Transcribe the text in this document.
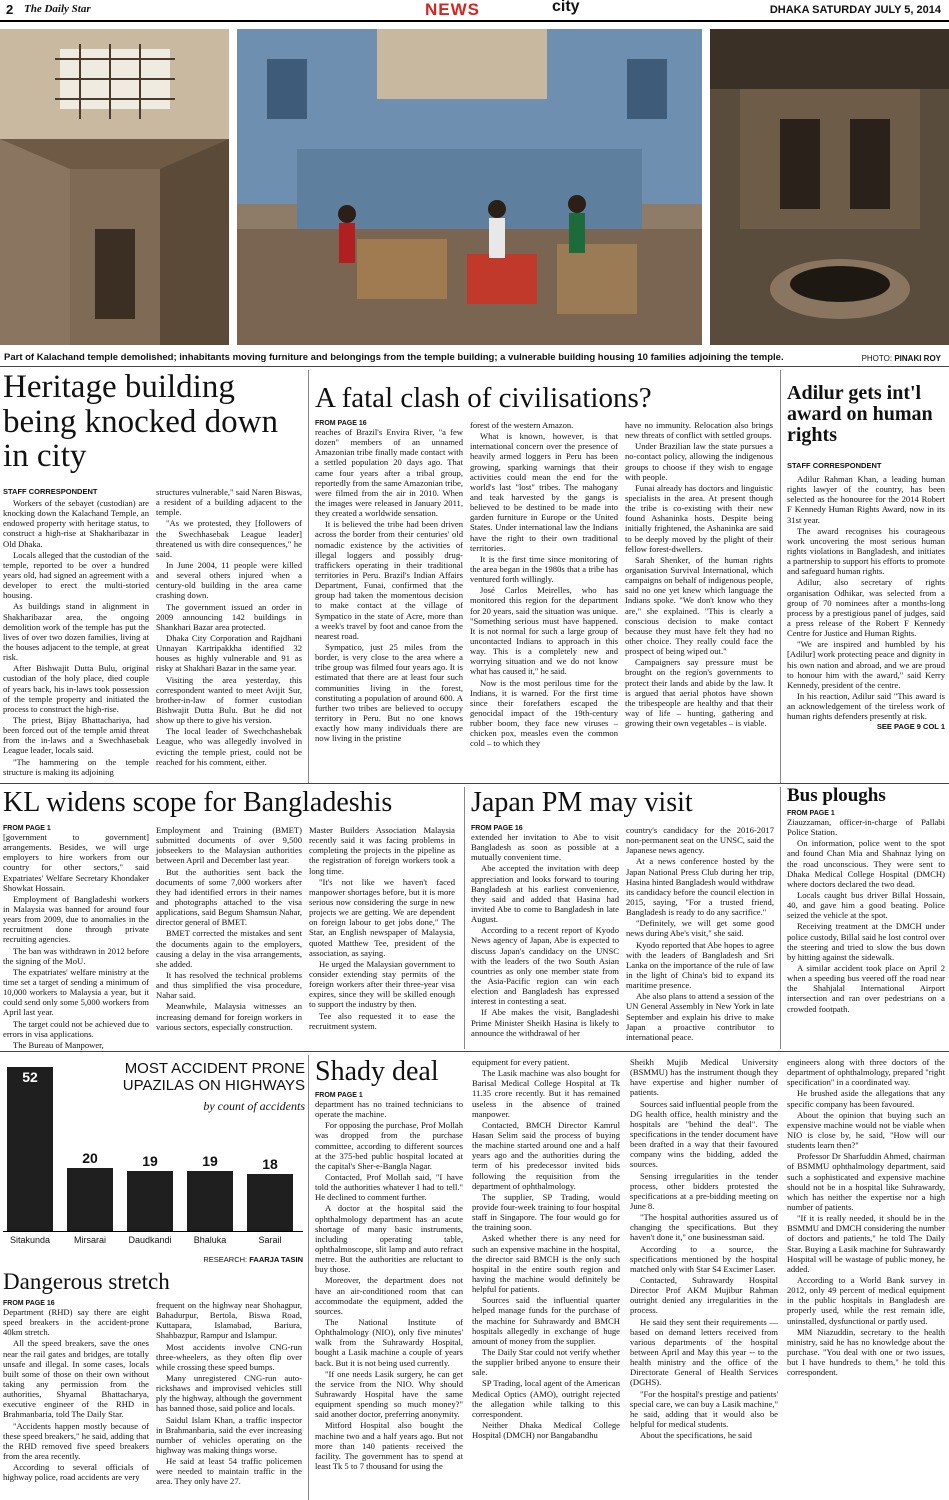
2 The Daily Star	NEWS	city	DHAKA SATURDAY JULY 5, 2014
Part of Kalachand temple demolished; inhabitants moving furniture and belongings from the temple building; a vulnerable building housing 10 families adjoining the temple.	PHOTO: PINAKI ROY
Heritage building being knocked down in city
STAFF CORRESPONDENT

Workers of the sebayet (custodian) are knocking down the Kalachand Temple, an endowed property with heritage status, to construct a high-rise at Shakharibazar in Old Dhaka.

Locals alleged that the custodian of the temple, reported to be over a hundred years old, had signed an agreement with a developer to erect the multi-storied housing.

As buildings stand in alignment in Shakharibazar area, the ongoing demolition work of the temple has put the lives of over two dozen families, living at the houses adjacent to the temple, at great risk.

After Bishwajit Dutta Bulu, original custodian of the holy place, died couple of years back, his in-laws took possession of the temple property and initiated the process to construct the high-rise.

The priest, Bijay Bhattachariya, had been forced out of the temple amid threat from the in-laws and a Swechhasebak League leader, locals said.

"The hammering on the temple structure is making its adjoining

structures vulnerable," said Naren Biswas, a resident of a building adjacent to the temple.

"As we protested, they [followers of the Swechhasebak League leader] threatened us with dire consequences," he said.

In June 2004, 11 people were killed and several others injured when a century-old building in the area came crashing down.

The government issued an order in 2009 announcing 142 buildings in Shankhari Bazar area protected.

Dhaka City Corporation and Rajdhani Unnayan Kartripakkha identified 32 houses as highly vulnerable and 91 as risky at Shakhari Bazar in the same year.

Visiting the area yesterday, this correspondent wanted to meet Avijit Sur, brother-in-law of former custodian Bishwajit Dutta Bulu. But he did not show up there to give his version.

The local leader of Swechchashebak League, who was allegedly involved in evicting the temple priest, could not be reached for his comment, either.

A fatal clash of civilisations?
FROM PAGE 16

reaches of Brazil's Envira River, "a few dozen" members of an unnamed Amazonian tribe finally made contact with a settled population 20 days ago. That came four years after a tribal group, reportedly from the same Amazonian tribe, were filmed from the air in 2010. When the images were released in January 2011, they created a worldwide sensation.

It is believed the tribe had been driven across the border from their centuries' old nomadic existence by the activities of illegal loggers and possibly drug-traffickers operating in their traditional territories in Peru. Brazil's Indian Affairs Department, Funai, confirmed that the group had taken the momentous decision to make contact at the village of Sympatico in the state of Acre, more than a week's travel by foot and canoe from the nearest road.

Sympatico, just 25 miles from the border, is very close to the area where a tribe group was filmed four years ago. It is estimated that there are at least four such communities living in the forest, constituting a population of around 600. A further two tribes are believed to occupy territory in Peru. But no one knows exactly how many individuals there are now living in the pristine

forest of the western Amazon.

What is known, however, is that international concern over the presence of heavily armed loggers in Peru has been growing, sparking warnings that their activities could mean the end for the world's last "lost" tribes. The mahogany and teak harvested by the gangs is believed to be destined to be made into garden furniture in Europe or the United States. Under international law the Indians have the right to their own traditional territories.

It is the first time since monitoring of the area began in the 1980s that a tribe has ventured forth willingly.

José Carlos Meirelles, who has monitored this region for the department for 20 years, said the situation was unique. "Something serious must have happened. It is not normal for such a large group of uncontacted Indians to approach in this way. This is a completely new and worrying situation and we do not know what has caused it," he said.

Now is the most perilous time for the Indians, it is warned. For the first time since their forefathers escaped the genocidal impact of the 19th-century rubber boom, they face new viruses – chicken pox, measles even the common cold – to which they

have no immunity. Relocation also brings new threats of conflict with settled groups.

Under Brazilian law the state pursues a no-contact policy, allowing the indigenous groups to choose if they wish to engage with people.

Funai already has doctors and linguistic specialists in the area. At present though the tribe is co-existing with their new found Ashaninka hosts. Despite being initially frightened, the Ashaninka are said to be deeply moved by the plight of their fellow forest-dwellers.

Sarah Shenker, of the human rights organisation Survival International, which campaigns on behalf of indigenous people, said no one yet knew which language the Indians spoke. "We don't know who they are," she explained. "This is clearly a conscious decision to make contact because they must have felt they had no other choice. They really could face the prospect of being wiped out."

Campaigners say pressure must be brought on the region's governments to protect their lands and abide by the law. It is argued that aerial photos have shown the tribespeople are healthy and that their way of life – hunting, gathering and growing their own vegetables – is viable.

Adilur gets int'l award on human rights
STAFF CORRESPONDENT

Adilur Rahman Khan, a leading human rights lawyer of the country, has been selected as the honouree for the 2014 Robert F Kennedy Human Rights Award, now in its 31st year.

The award recognises his courageous work uncovering the most serious human rights violations in Bangladesh, and initiates a partnership to support his efforts to promote and safeguard human rights.

Adilur, also secretary of rights organisation Odhikar, was selected from a group of 70 nominees after a months-long process by a prestigious panel of judges, said a press release of the Robert F Kennedy Centre for Justice and Human Rights.

"We are inspired and humbled by his [Adilur] work protecting peace and dignity in his own nation and abroad, and we are proud to honour him with the award," said Kerry Kennedy, president of the centre.

In his reaction, Adilur said "This award is an acknowledgement of the tireless work of human rights defenders presently at risk.

SEE PAGE 9 COL 1
KL widens scope for Bangladeshis
FROM PAGE 1

[government to government] arrangements. Besides, we will urge employers to hire workers from our country for other sectors," said Expatriates' Welfare Secretary Khondaker Showkat Hossain.

Employment of Bangladeshi workers in Malaysia was banned for around four years from 2009, due to anomalies in the recruitment done through private recruiting agencies.

The ban was withdrawn in 2012 before the signing of the MoU.

The expatriates' welfare ministry at the time set a target of sending a minimum of 10,000 workers to Malaysia a year, but it could send only some 5,000 workers from April last year.

The target could not be achieved due to errors in visa applications.

The Bureau of Manpower,

Employment and Training (BMET) submitted documents of over 9,500 jobseekers to the Malaysian authorities between April and December last year.

But the authorities sent back the documents of some 7,000 workers after they had identified errors in their names and photographs attached to the visa applications, said Begum Shamsun Nahar, director general of BMET.

BMET corrected the mistakes and sent the documents again to the employers, causing a delay in the visa arrangements, she added.

It has resolved the technical problems and thus simplified the visa procedure, Nahar said.

Meanwhile, Malaysia witnesses an increasing demand for foreign workers in various sectors, especially construction.

Master Builders Association Malaysia recently said it was facing problems in completing the projects in the pipeline as the registration of foreign workers took a long time.

"It's not like we haven't faced manpower shortages before, but it is more serious now considering the surge in new projects we are getting. We are dependent on foreign labour to get jobs done," The Star, an English newspaper of Malaysia, quoted Matthew Tee, president of the association, as saying.

He urged the Malaysian government to consider extending stay permits of the foreign workers after their three-year visa expires, since they will be skilled enough to support the industry by then.

Tee also requested it to ease the recruitment system.

Japan PM may visit
FROM PAGE 16

extended her invitation to Abe to visit Bangladesh as soon as possible at a mutually convenient time.

Abe accepted the invitation with deep appreciation and looks forward to touring Bangladesh at his earliest convenience, they said and added that Hasina had invited Abe to come to Bangladesh in late August.

According to a recent report of Kyodo News agency of Japan, Abe is expected to discuss Japan's candidacy on the UNSC with the leaders of the two South Asian countries as only one member state from the Asia-Pacific region can win each election and Bangladesh has expressed interest in contesting a seat.

If Abe makes the visit, Bangladeshi Prime Minister Sheikh Hasina is likely to announce the withdrawal of her

country's candidacy for the 2016-2017 non-permanent seat on the UNSC, said the Japanese news agency.

At a news conference hosted by the Japan National Press Club during her trip, Hasina hinted Bangladesh would withdraw its candidacy before the council election in 2015, saying, "For a trusted friend, Bangladesh is ready to do any sacrifice."

"Definitely, we will get some good news during Abe's visit," she said.

Kyodo reported that Abe hopes to agree with the leaders of Bangladesh and Sri Lanka on the importance of the rule of law in the light of China's bid to expand its maritime presence.

Abe also plans to attend a session of the UN General Assembly in New York in late September and explain his drive to make Japan a proactive contributor to international peace.

Bus ploughs
FROM PAGE 1

Ziauzzaman, officer-in-charge of Pallabi Police Station.

On information, police went to the spot and found Chan Mia and Shahnaz lying on the road unconscious. They were sent to Dhaka Medical College Hospital (DMCH) where doctors declared the two dead.

Locals caught bus driver Billal Hossain, 40, and gave him a good beating. Police seized the vehicle at the spot.

Receiving treatment at the DMCH under police custody, Billal said he lost control over the steering and tried to slow the bus down by hitting against the sidewalk.

A similar accident took place on April 2 when a speeding bus veered off the road near the Shahjalal International Airport intersection and ran over pedestrians on a crowded footpath.

MOST ACCIDENT PRONE UPAZILAS ON HIGHWAYS
by count of accidents
52
Sitakunda
20
Mirsarai
19
Daudkandi
19
Bhaluka
18
Sarail
RESEARCH: FAARJA TASIN
Dangerous stretch
FROM PAGE 16

Department (RHD) say there are eight speed breakers in the accident-prone 40km stretch.

All the speed breakers, save the ones near the rail gates and bridges, are totally unsafe and illegal. In some cases, locals built some of those on their own without taking any permission from the authorities, Shyamal Bhattacharya, executive engineer of the RHD in Brahmanbaria, told The Daily Star.

"Accidents happen mostly because of these speed breakers," he said, adding that the RHD removed five speed breakers from the area recently.

According to several officials of highway police, road accidents are very

frequent on the highway near Shohagpur, Bahadurpur, Bertola, Biswa Road, Kuttapara, Islamabad, Bariura, Shahbazpur, Rampur and Islampur.

Most accidents involve CNG-run three-wheelers, as they often flip over while crossing these speed bumps.

Many unregistered CNG-run auto-rickshaws and improvised vehicles still ply the highway, although the government has banned those, said police and locals.

Saidul Islam Khan, a traffic inspector in Brahmanbaria, said the ever increasing number of vehicles operating on the highway was making things worse.

He said at least 54 traffic policemen were needed to maintain traffic in the area. They only have 27.

Shady deal
FROM PAGE 1

department has no trained technicians to operate the machine.

For opposing the purchase, Prof Mollah was dropped from the purchase committee, according to different sources at the 375-bed public hospital located at the capital's Sher-e-Bangla Nagar.

Contacted, Prof Mollah said, "I have told the authorities whatever I had to tell." He declined to comment further.

A doctor at the hospital said the ophthalmology department has an acute shortage of many basic instruments, including operating table, ophthalmoscope, slit lamp and auto refract metre. But the authorities are reluctant to buy those.

Moreover, the department does not have an air-conditioned room that can accommodate the equipment, added the sources.

The National Institute of Ophthalmology (NIO), only five minutes' walk from the Suhrawardy Hospital, bought a Lasik machine a couple of years back. But it is not being used currently.

"If one needs Lasik surgery, he can get the service from the NIO. Why should Suhrawardy Hospital have the same equipment spending so much money?" said another doctor, preferring anonymity.

Mitford Hospital also bought the machine two and a half years ago. But not more than 140 patients received the facility. The government has to spend at least Tk 5 to 7 thousand for using the

equipment for every patient.

The Lasik machine was also bought for Barisal Medical College Hospital at Tk 11.35 crore recently. But it has remained useless in the absence of trained manpower.

Contacted, BMCH Director Kamrul Hasan Selim said the process of buying the machine started around one and a half years ago and the authorities during the term of his predecessor invited bids following the requisition from the department of ophthalmology.

The supplier, SP Trading, would provide four-week training to four hospital staff in Singapore. The four would go for the training soon.

Asked whether there is any need for such an expensive machine in the hospital, the director said BMCH is the only such hospital in the entire south region and having the machine would definitely be helpful for patients.

Sources said the influential quarter helped manage funds for the purchase of the machine for Suhrawardy and BMCH hospitals allegedly in exchange of huge amount of money from the supplier.

The Daily Star could not verify whether the supplier bribed anyone to ensure their sale.

SP Trading, local agent of the American Medical Optics (AMO), outright rejected the allegation while talking to this correspondent.

Neither Dhaka Medical College Hospital (DMCH) nor Bangabandhu

Sheikh Mujib Medical University (BSMMU) has the instrument though they have expertise and higher number of patients.

Sources said influential people from the DG health office, health ministry and the hospitals are "behind the deal". The specifications in the tender document have been drafted in a way that their favoured company wins the bidding, added the sources.

Sensing irregularities in the tender process, other bidders protested the specifications at a pre-bidding meeting on June 8.

"The hospital authorities assured us of changing the specifications. But they haven't done it," one businessman said.

According to a source, the specifications mentioned by the hospital matched only with Star S4 Excimer Laser.

Contacted, Suhrawardy Hospital Director Prof AKM Mujibur Rahman outright denied any irregularities in the process.

He said they sent their requirements — based on demand letters received from various departments of the hospital between April and May this year -- to the health ministry and the office of the Directorate General of Health Services (DGHS).

"For the hospital's prestige and patients' special care, we can buy a Lasik machine," he said, adding that it would also be helpful for medical students.

About the specifications, he said

engineers along with three doctors of the department of ophthalmology, prepared "right specification" in a coordinated way.

He brushed aside the allegations that any specific company has been favoured.

About the opinion that buying such an expensive machine would not be viable when NIO is close by, he said, "How will our students learn then?"

Professor Dr Sharfuddin Ahmed, chairman of BSMMU ophthalmology department, said such a sophisticated and expensive machine should not be in a hospital like Suhrawardy, which has neither the expertise nor a high number of patients.

"If it is really needed, it should be in the BSMMU and DMCH considering the number of doctors and patients," he told The Daily Star. Buying a Lasik machine for Suhrawardy Hospital will be wastage of public money, he added.

According to a World Bank survey in 2012, only 49 percent of medical equipment in the public hospitals in Bangladesh are properly used, while the rest remain idle, uninstalled, dysfunctional or partly used.

MM Niazuddin, secretary to the health ministry, said he has no knowledge about the purchase. "You deal with one or two issues, but I have hundreds to them," he told this correspondent.
